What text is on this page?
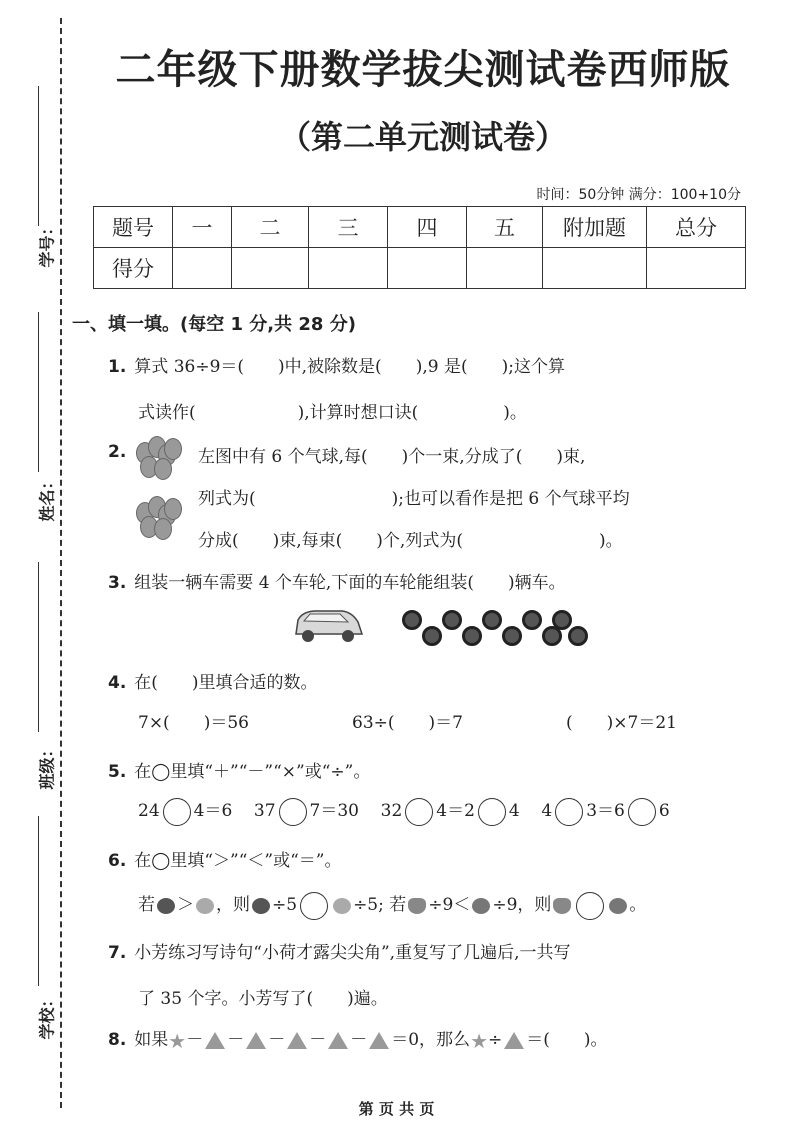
学号：
姓名：
班级：
学校：
二年级下册数学拔尖测试卷西师版
（第二单元测试卷）
时间：50分钟 满分：100+10分
题号	一	二	三	四	五	附加题	总分
得分							
一、填一填。(每空 1 分,共 28 分)
1. 算式 36÷9＝(　　)中,被除数是(　　),9 是(　　);这个算
式读作(　　　　　　),计算时想口诀(　　　　　)。
2.	左图中有 6 个气球,每(　　)个一束,分成了(　　)束,
列式为(　　　　　　　　);也可以看作是把 6 个气球平均
分成(　　)束,每束(　　)个,列式为(　　　　　　　　)。
3. 组装一辆车需要 4 个车轮,下面的车轮能组装(　　)辆车。
4. 在(　　)里填合适的数。
7×(　　)＝56	63÷(　　)＝7	(　　)×7＝21
5. 在◯里填“＋”“－”“×”或“÷”。
24 4＝6 37 7＝30 32 4＝2 4 4 3＝6 6
6. 在◯里填“＞”“＜”或“＝”。
若 ＞ ，则 ÷5	÷5; 若 ÷9＜ ÷9，则	。
7. 小芳练习写诗句“小荷才露尖尖角”,重复写了几遍后,一共写
了 35 个字。小芳写了(　　)遍。
8. 如果★－ － － － － ＝0，那么★÷ ＝(　　)。
第 页 共 页
